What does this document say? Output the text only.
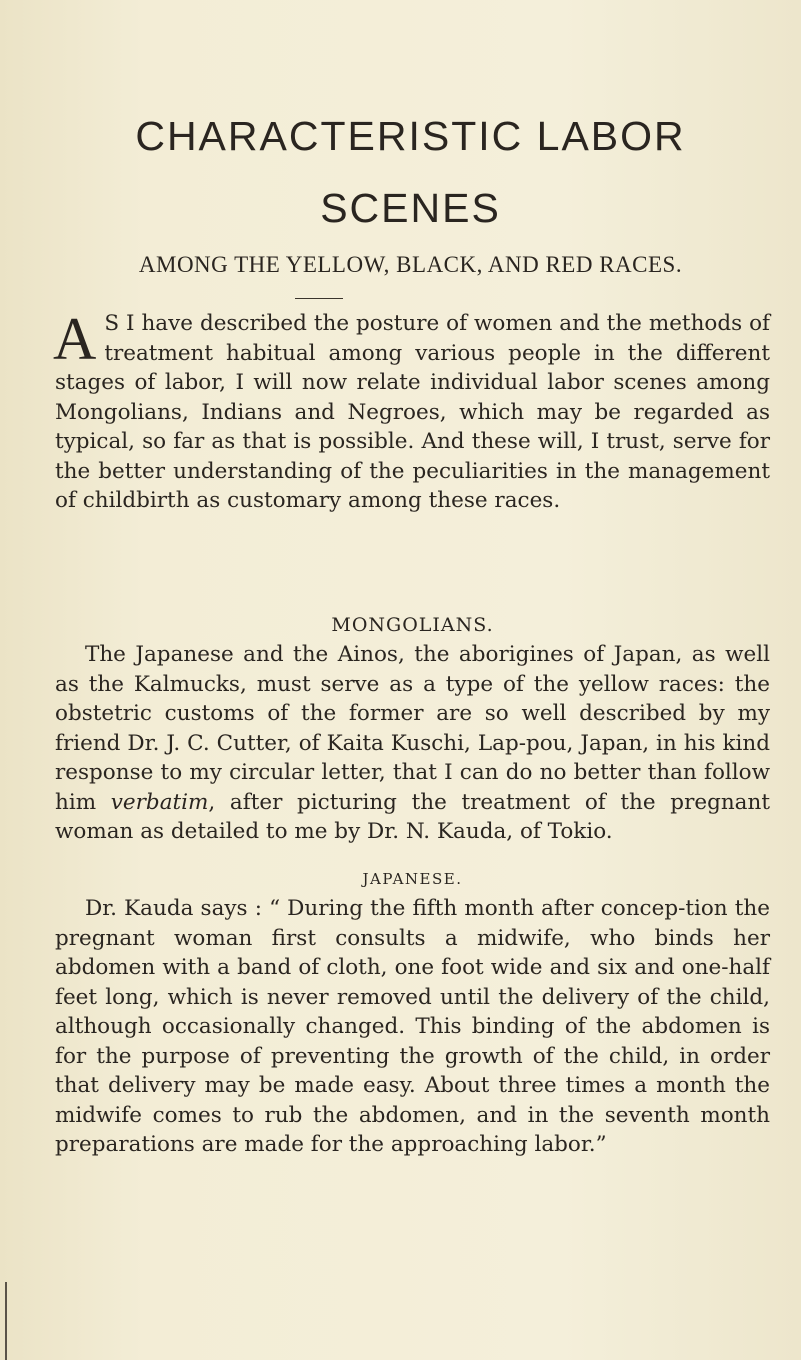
CHARACTERISTIC LABOR
SCENES
AMONG THE YELLOW, BLACK, AND RED RACES.

A S I have described the posture of women and the methods of treatment habitual among various people in the different stages of labor, I will now relate individual labor scenes among Mongolians, Indians and Negroes, which may be regarded as typical, so far as that is possible. And these will, I trust, serve for the better understanding of the peculiarities in the management of childbirth as customary among these races.

MONGOLIANS.

The Japanese and the Ainos, the aborigines of Japan, as well as the Kalmucks, must serve as a type of the yellow races: the obstetric customs of the former are so well described by my friend Dr. J. C. Cutter, of Kaita Kuschi, Lap-pou, Japan, in his kind response to my circular letter, that I can do no better than follow him verbatim, after picturing the treatment of the pregnant woman as detailed to me by Dr. N. Kauda, of Tokio.

JAPANESE.

Dr. Kauda says : “ During the fifth month after concep-tion the pregnant woman first consults a midwife, who binds her abdomen with a band of cloth, one foot wide and six and one-half feet long, which is never removed until the delivery of the child, although occasionally changed. This binding of the abdomen is for the purpose of preventing the growth of the child, in order that delivery may be made easy. About three times a month the midwife comes to rub the abdomen, and in the seventh month preparations are made for the approaching labor.”
